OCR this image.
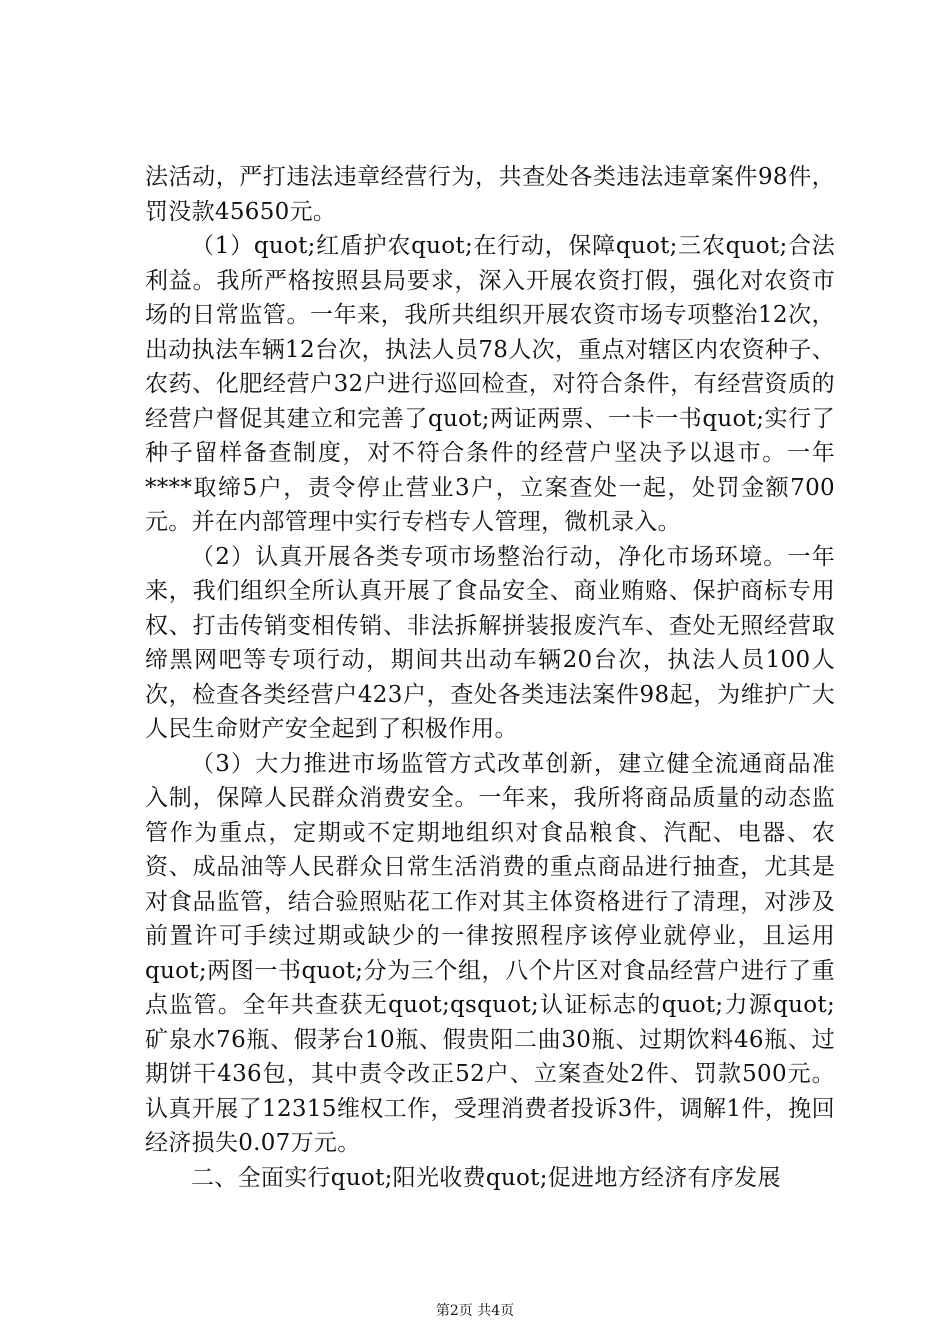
法活动，严打违法违章经营行为，共查处各类违法违章案件98件，罚没款45650元。

（1）quot;红盾护农quot;在行动，保障quot;三农quot;合法利益。我所严格按照县局要求，深入开展农资打假，强化对农资市场的日常监管。一年来，我所共组织开展农资市场专项整治12次，出动执法车辆12台次，执法人员78人次，重点对辖区内农资种子、农药、化肥经营户32户进行巡回检查，对符合条件，有经营资质的经营户督促其建立和完善了quot;两证两票、一卡一书quot;实行了种子留样备查制度，对不符合条件的经营户坚决予以退市。一年****取缔5户，责令停止营业3户，立案查处一起，处罚金额700元。并在内部管理中实行专档专人管理，微机录入。

（2）认真开展各类专项市场整治行动，净化市场环境。一年来，我们组织全所认真开展了食品安全、商业贿赂、保护商标专用权、打击传销变相传销、非法拆解拼装报废汽车、查处无照经营取缔黑网吧等专项行动，期间共出动车辆20台次，执法人员100人次，检查各类经营户423户，查处各类违法案件98起，为维护广大人民生命财产安全起到了积极作用。

（3）大力推进市场监管方式改革创新，建立健全流通商品准入制，保障人民群众消费安全。一年来，我所将商品质量的动态监管作为重点，定期或不定期地组织对食品粮食、汽配、电器、农资、成品油等人民群众日常生活消费的重点商品进行抽查，尤其是对食品监管，结合验照贴花工作对其主体资格进行了清理，对涉及前置许可手续过期或缺少的一律按照程序该停业就停业，且运用quot;两图一书quot;分为三个组，八个片区对食品经营户进行了重点监管。全年共查获无quot;qsquot;认证标志的quot;力源quot;矿泉水76瓶、假茅台10瓶、假贵阳二曲30瓶、过期饮料46瓶、过期饼干436包，其中责令改正52户、立案查处2件、罚款500元。认真开展了12315维权工作，受理消费者投诉3件，调解1件，挽回经济损失0.07万元。

二、全面实行quot;阳光收费quot;促进地方经济有序发展

第2页 共4页
